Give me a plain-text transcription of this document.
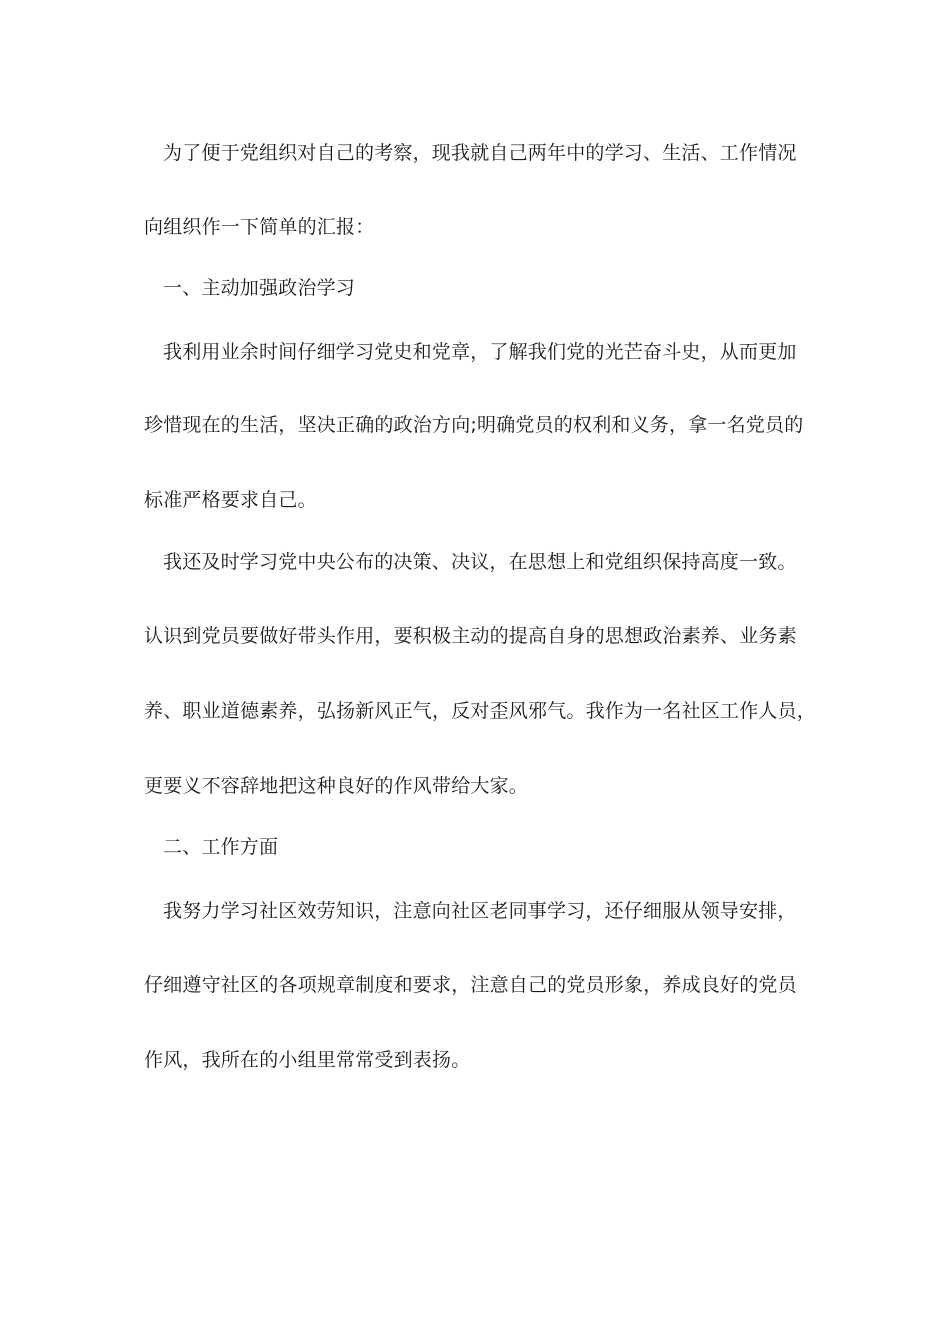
为了便于党组织对自己的考察，现我就自己两年中的学习、生活、工作情况
向组织作一下简单的汇报：
一、主动加强政治学习
我利用业余时间仔细学习党史和党章，了解我们党的光芒奋斗史，从而更加
珍惜现在的生活，坚决正确的政治方向;明确党员的权利和义务，拿一名党员的
标准严格要求自己。
我还及时学习党中央公布的决策、决议，在思想上和党组织保持高度一致。
认识到党员要做好带头作用，要积极主动的提高自身的思想政治素养、业务素
养、职业道德素养，弘扬新风正气，反对歪风邪气。我作为一名社区工作人员，
更要义不容辞地把这种良好的作风带给大家。
二、工作方面
我努力学习社区效劳知识，注意向社区老同事学习，还仔细服从领导安排，
仔细遵守社区的各项规章制度和要求，注意自己的党员形象，养成良好的党员
作风，我所在的小组里常常受到表扬。
